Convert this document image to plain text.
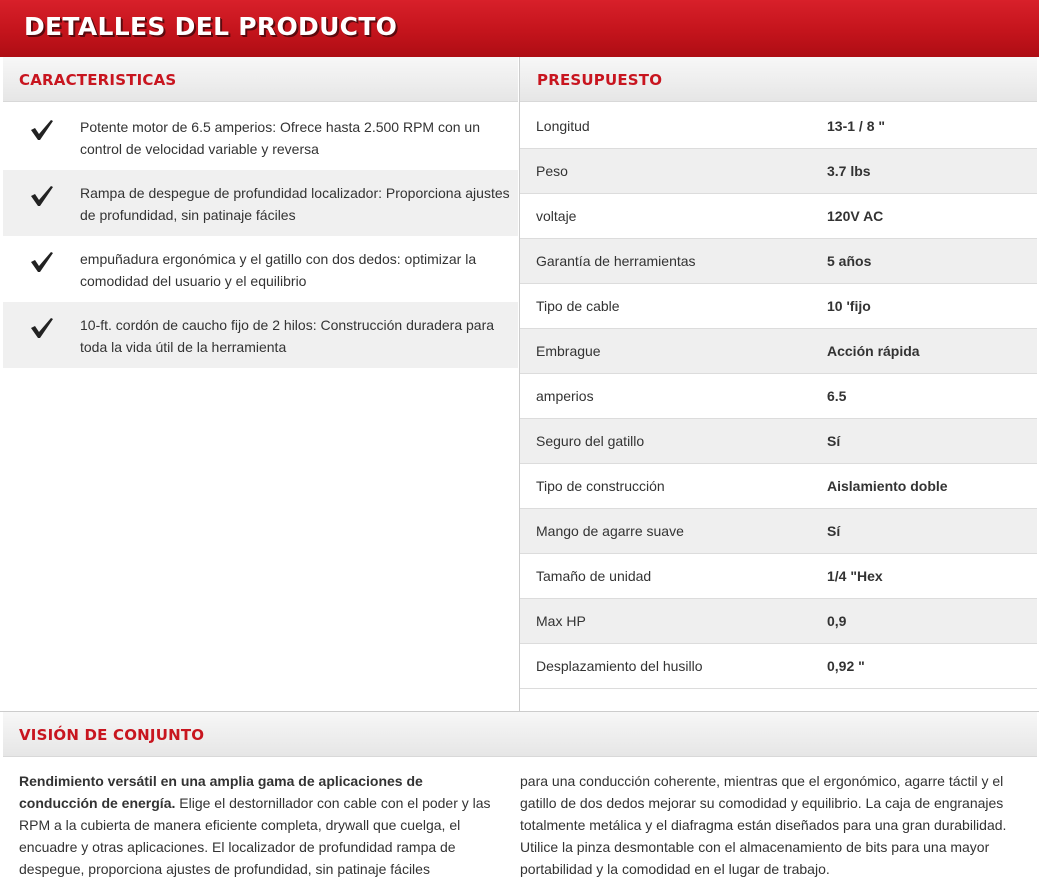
DETALLES DEL PRODUCTO
CARACTERISTICAS	PRESUPUESTO
Potente motor de 6.5 amperios: Ofrece hasta 2.500 RPM con un control de velocidad variable y reversa
Rampa de despegue de profundidad localizador: Proporciona ajustes de profundidad, sin patinaje fáciles
empuñadura ergonómica y el gatillo con dos dedos: optimizar la comodidad del usuario y el equilibrio
10-ft. cordón de caucho fijo de 2 hilos: Construcción duradera para toda la vida útil de la herramienta
Longitud	13-1 / 8 "
Peso	3.7 lbs
voltaje	120V AC
Garantía de herramientas	5 años
Tipo de cable	10 'fijo
Embrague	Acción rápida
amperios	6.5
Seguro del gatillo	Sí
Tipo de construcción	Aislamiento doble
Mango de agarre suave	Sí
Tamaño de unidad	1/4 "Hex
Max HP	0,9
Desplazamiento del husillo	0,92 "
VISIÓN DE CONJUNTO
Rendimiento versátil en una amplia gama de aplicaciones de conducción de energía. Elige el destornillador con cable con el poder y las RPM a la cubierta de manera eficiente completa, drywall que cuelga, el encuadre y otras aplicaciones. El localizador de profundidad rampa de despegue, proporciona ajustes de profundidad, sin patinaje fáciles
para una conducción coherente, mientras que el ergonómico, agarre táctil y el gatillo de dos dedos mejorar su comodidad y equilibrio. La caja de engranajes totalmente metálica y el diafragma están diseñados para una gran durabilidad. Utilice la pinza desmontable con el almacenamiento de bits para una mayor portabilidad y la comodidad en el lugar de trabajo.
